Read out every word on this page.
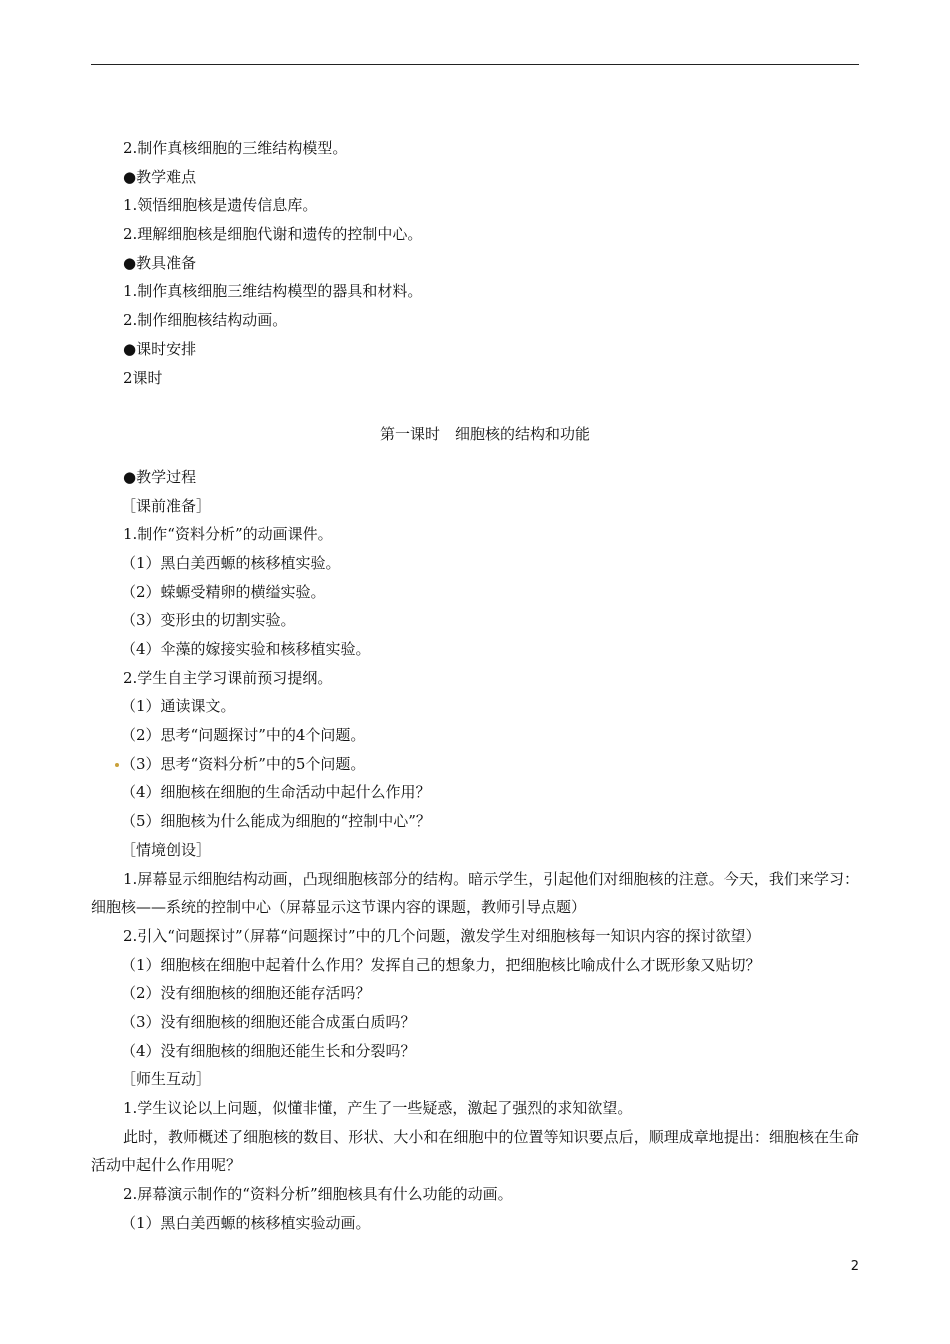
2.制作真核细胞的三维结构模型。
●教学难点
1.领悟细胞核是遗传信息库。
2.理解细胞核是细胞代谢和遗传的控制中心。
●教具准备
1.制作真核细胞三维结构模型的器具和材料。
2.制作细胞核结构动画。
●课时安排
2课时
第一课时　细胞核的结构和功能
●教学过程
［课前准备］
1.制作“资料分析”的动画课件。
（1）黑白美西螈的核移植实验。
（2）蝾螈受精卵的横缢实验。
（3）变形虫的切割实验。
（4）伞藻的嫁接实验和核移植实验。
2.学生自主学习课前预习提纲。
（1）通读课文。
（2）思考“问题探讨”中的4个问题。
（3）思考“资料分析”中的5个问题。
（4）细胞核在细胞的生命活动中起什么作用？
（5）细胞核为什么能成为细胞的“控制中心”？
［情境创设］
1.屏幕显示细胞结构动画，凸现细胞核部分的结构。暗示学生，引起他们对细胞核的注意。今天，我们来学习：细胞核——系统的控制中心（屏幕显示这节课内容的课题，教师引导点题）
2.引入“问题探讨”（屏幕“问题探讨”中的几个问题，激发学生对细胞核每一知识内容的探讨欲望）
（1）细胞核在细胞中起着什么作用？发挥自己的想象力，把细胞核比喻成什么才既形象又贴切？
（2）没有细胞核的细胞还能存活吗？
（3）没有细胞核的细胞还能合成蛋白质吗？
（4）没有细胞核的细胞还能生长和分裂吗？
［师生互动］
1.学生议论以上问题，似懂非懂，产生了一些疑惑，激起了强烈的求知欲望。
此时，教师概述了细胞核的数目、形状、大小和在细胞中的位置等知识要点后，顺理成章地提出：细胞核在生命活动中起什么作用呢？
2.屏幕演示制作的“资料分析”细胞核具有什么功能的动画。
（1）黑白美西螈的核移植实验动画。
2
